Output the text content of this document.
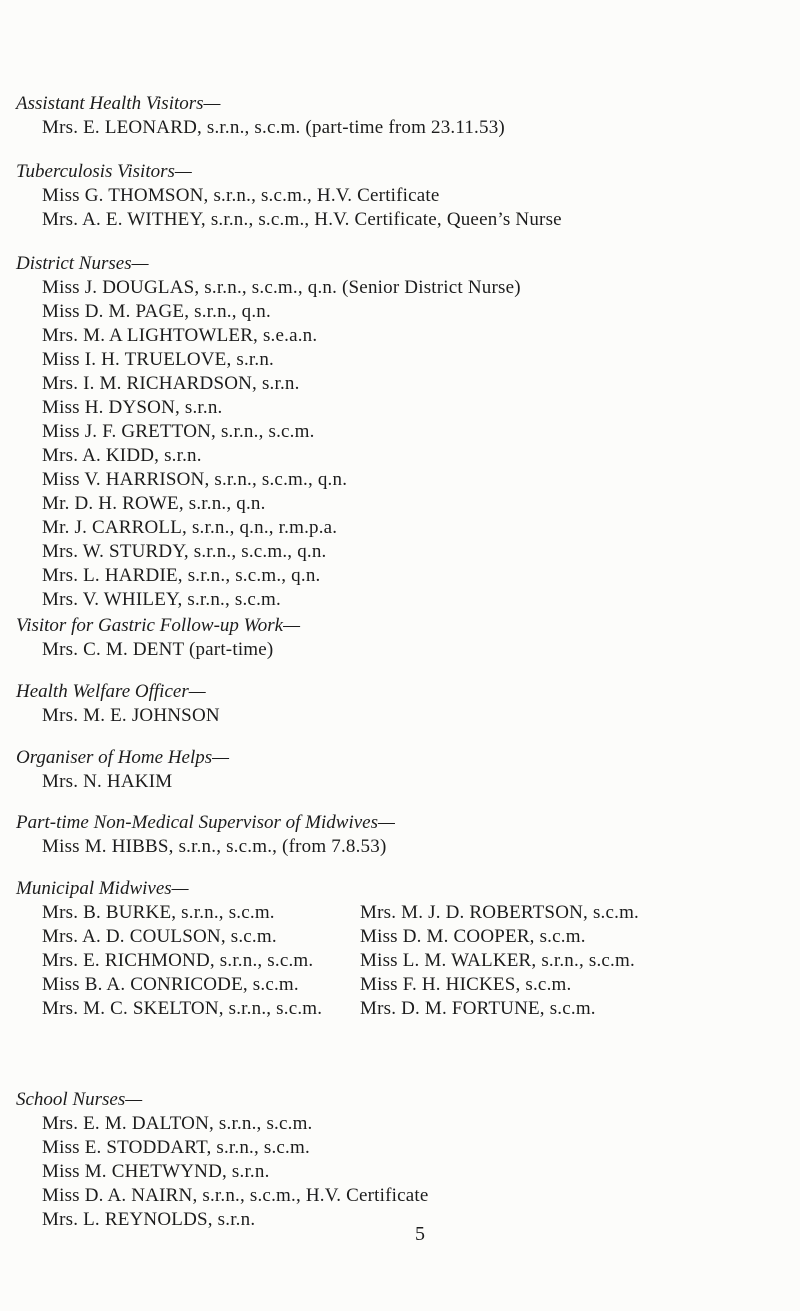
Assistant Health Visitors—

Mrs. E. LEONARD, s.r.n., s.c.m. (part-time from 23.11.53)

Tuberculosis Visitors—

Miss G. THOMSON, s.r.n., s.c.m., H.V. Certificate
Mrs. A. E. WITHEY, s.r.n., s.c.m., H.V. Certificate, Queen’s Nurse

District Nurses—

Miss J. DOUGLAS, s.r.n., s.c.m., q.n. (Senior District Nurse)
Miss D. M. PAGE, s.r.n., q.n.
Mrs. M. A LIGHTOWLER, s.e.a.n.
Miss I. H. TRUELOVE, s.r.n.
Mrs. I. M. RICHARDSON, s.r.n.
Miss H. DYSON, s.r.n.
Miss J. F. GRETTON, s.r.n., s.c.m.
Mrs. A. KIDD, s.r.n.
Miss V. HARRISON, s.r.n., s.c.m., q.n.
Mr. D. H. ROWE, s.r.n., q.n.
Mr. J. CARROLL, s.r.n., q.n., r.m.p.a.
Mrs. W. STURDY, s.r.n., s.c.m., q.n.
Mrs. L. HARDIE, s.r.n., s.c.m., q.n.
Mrs. V. WHILEY, s.r.n., s.c.m.

Visitor for Gastric Follow-up Work—

Mrs. C. M. DENT (part-time)

Health Welfare Officer—

Mrs. M. E. JOHNSON

Organiser of Home Helps—

Mrs. N. HAKIM

Part-time Non-Medical Supervisor of Midwives—

Miss M. HIBBS, s.r.n., s.c.m., (from 7.8.53)

Municipal Midwives—

Mrs. B. BURKE, s.r.n., s.c.m.
Mrs. A. D. COULSON, s.c.m.
Mrs. E. RICHMOND, s.r.n., s.c.m.
Miss B. A. CONRICODE, s.c.m.
Mrs. M. C. SKELTON, s.r.n., s.c.m.
Mrs. M. J. D. ROBERTSON, s.c.m.
Miss D. M. COOPER, s.c.m.
Miss L. M. WALKER, s.r.n., s.c.m.
Miss F. H. HICKES, s.c.m.
Mrs. D. M. FORTUNE, s.c.m.

School Nurses—

Mrs. E. M. DALTON, s.r.n., s.c.m.
Miss E. STODDART, s.r.n., s.c.m.
Miss M. CHETWYND, s.r.n.
Miss D. A. NAIRN, s.r.n., s.c.m., H.V. Certificate
Mrs. L. REYNOLDS, s.r.n.
5
